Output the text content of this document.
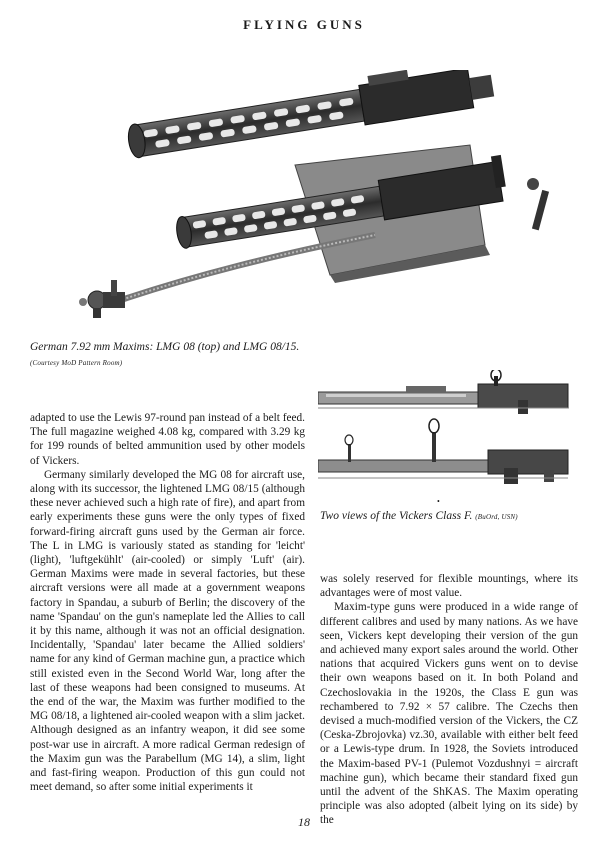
FLYING GUNS
German 7.92 mm Maxims: LMG 08 (top) and LMG 08/15. (Courtesy MoD Pattern Room)
•
Two views of the Vickers Class F. (BuOrd, USN)

adapted to use the Lewis 97-round pan instead of a belt feed. The full magazine weighed 4.08 kg, compared with 3.29 kg for 199 rounds of belted ammunition used by other models of Vickers.

Germany similarly developed the MG 08 for aircraft use, along with its successor, the lightened LMG 08/15 (although these never achieved such a high rate of fire), and apart from early experiments these guns were the only types of fixed forward-firing aircraft guns used by the German air force. The L in LMG is variously stated as standing for 'leicht' (light), 'luftgekühlt' (air-cooled) or simply 'Luft' (air). German Maxims were made in several factories, but these aircraft versions were all made at a government weapons factory in Spandau, a suburb of Berlin; the discovery of the name 'Spandau' on the gun's nameplate led the Allies to call it by this name, although it was not an official designation. Incidentally, 'Spandau' later became the Allied soldiers' name for any kind of German machine gun, a practice which still existed even in the Second World War, long after the last of these weapons had been consigned to museums. At the end of the war, the Maxim was further modified to the MG 08/18, a lightened air-cooled weapon with a slim jacket. Although designed as an infantry weapon, it did see some post-war use in aircraft. A more radical German redesign of the Maxim gun was the Parabellum (MG 14), a slim, light and fast-firing weapon. Production of this gun could not meet demand, so after some initial experiments it

was solely reserved for flexible mountings, where its advantages were of most value.

Maxim-type guns were produced in a wide range of different calibres and used by many nations. As we have seen, Vickers kept developing their version of the gun and achieved many export sales around the world. Other nations that acquired Vickers guns went on to devise their own weapons based on it. In both Poland and Czechoslovakia in the 1920s, the Class E gun was rechambered to 7.92 × 57 calibre. The Czechs then devised a much-modified version of the Vickers, the CZ (Ceska-Zbrojovka) vz.30, available with either belt feed or a Lewis-type drum. In 1928, the Soviets introduced the Maxim-based PV-1 (Pulemot Vozdushnyi = aircraft machine gun), which became their standard fixed gun until the advent of the ShKAS. The Maxim operating principle was also adopted (albeit lying on its side) by the

18
